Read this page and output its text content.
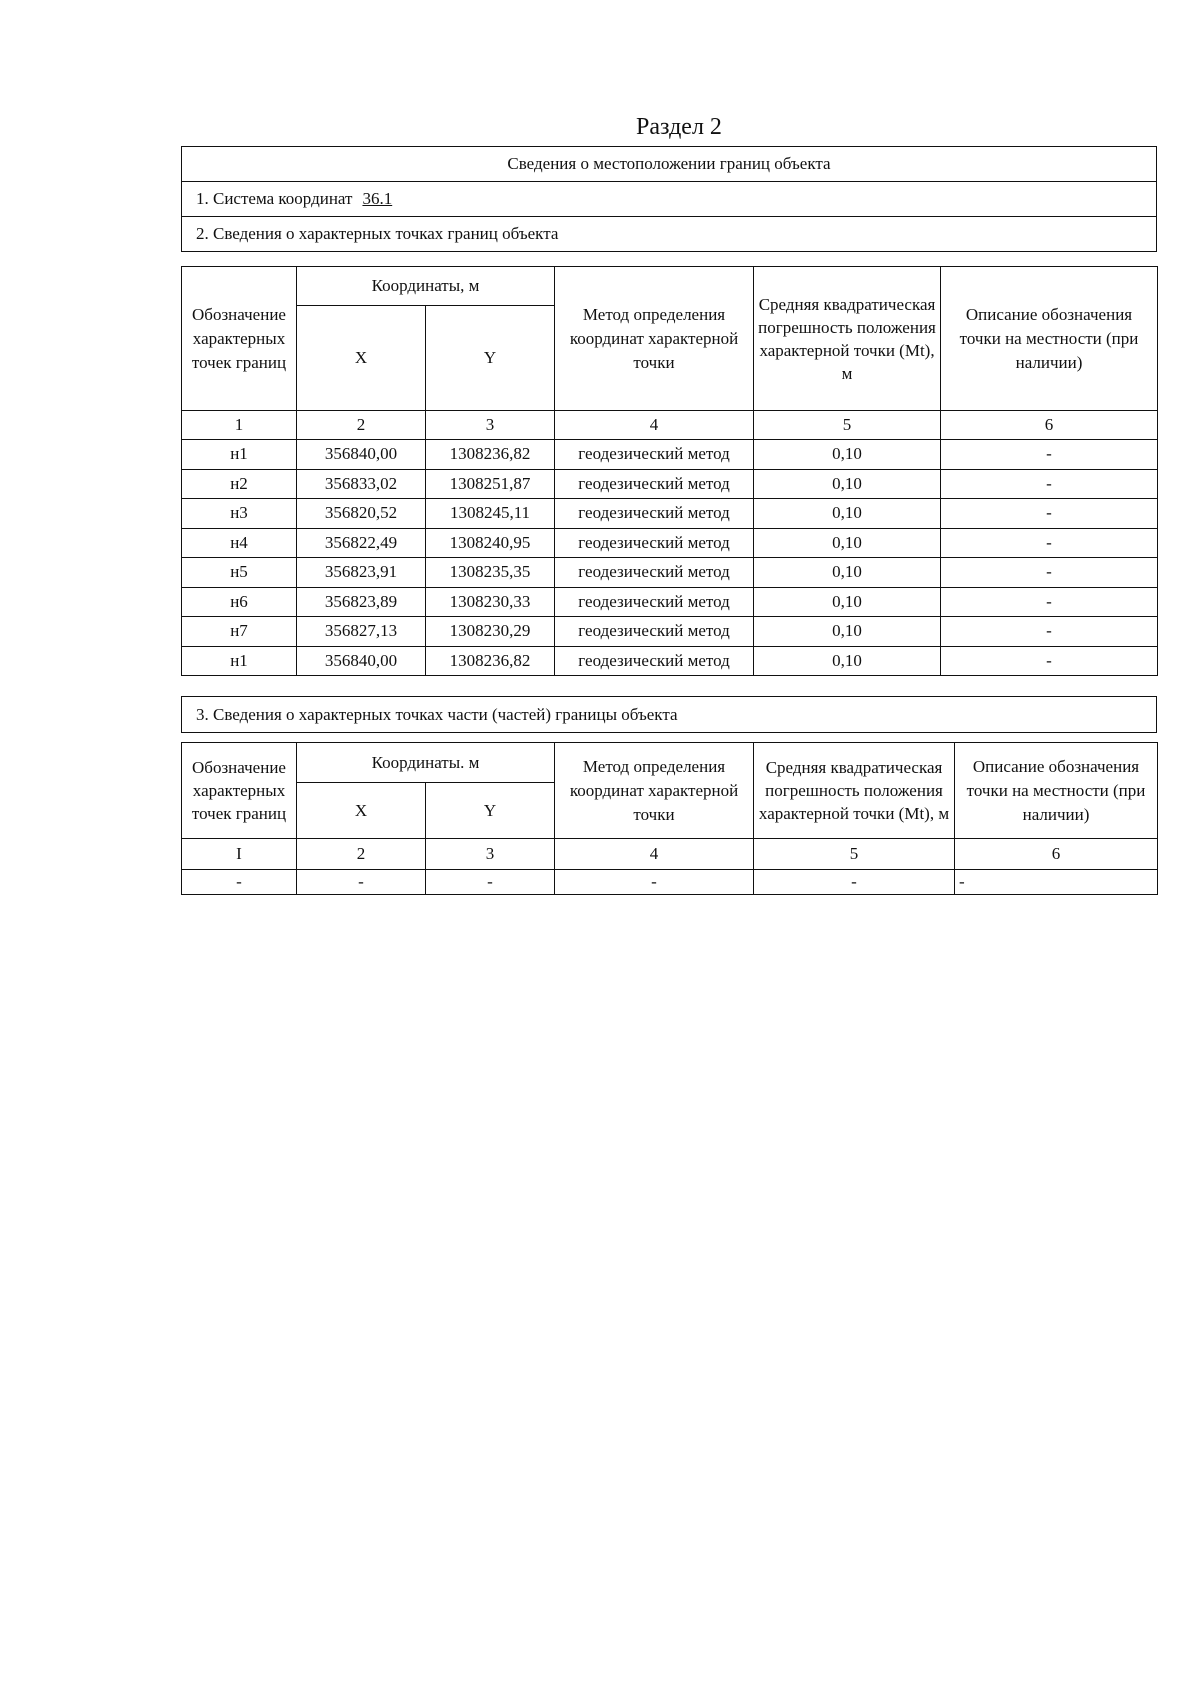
Раздел 2
Сведения о местоположении границ объекта
1. Система координат 36.1
2. Сведения о характерных точках границ объекта
Обозначение характерных точек границ	Координаты, м		Метод определения координат характерной точки	Средняя квадратическая погрешность положения характерной точки (Mt), м	Описание обозначения точки на местности (при наличии)
	X	Y			
1	2	3	4	5	6
н1	356840,00	1308236,82	геодезический метод	0,10	-
н2	356833,02	1308251,87	геодезический метод	0,10	-
н3	356820,52	1308245,11	геодезический метод	0,10	-
н4	356822,49	1308240,95	геодезический метод	0,10	-
н5	356823,91	1308235,35	геодезический метод	0,10	-
н6	356823,89	1308230,33	геодезический метод	0,10	-
н7	356827,13	1308230,29	геодезический метод	0,10	-
н1	356840,00	1308236,82	геодезический метод	0,10	-
3. Сведения о характерных точках части (частей) границы объекта
Обозначение характерных точек границ	Координаты. м		Метод определения координат характерной точки	Средняя квадратическая погрешность положения характерной точки (Mt), м	Описание обозначения точки на местности (при наличии)
	X	Y			
I	2	3	4	5	6
-	-	-	-	-	-
